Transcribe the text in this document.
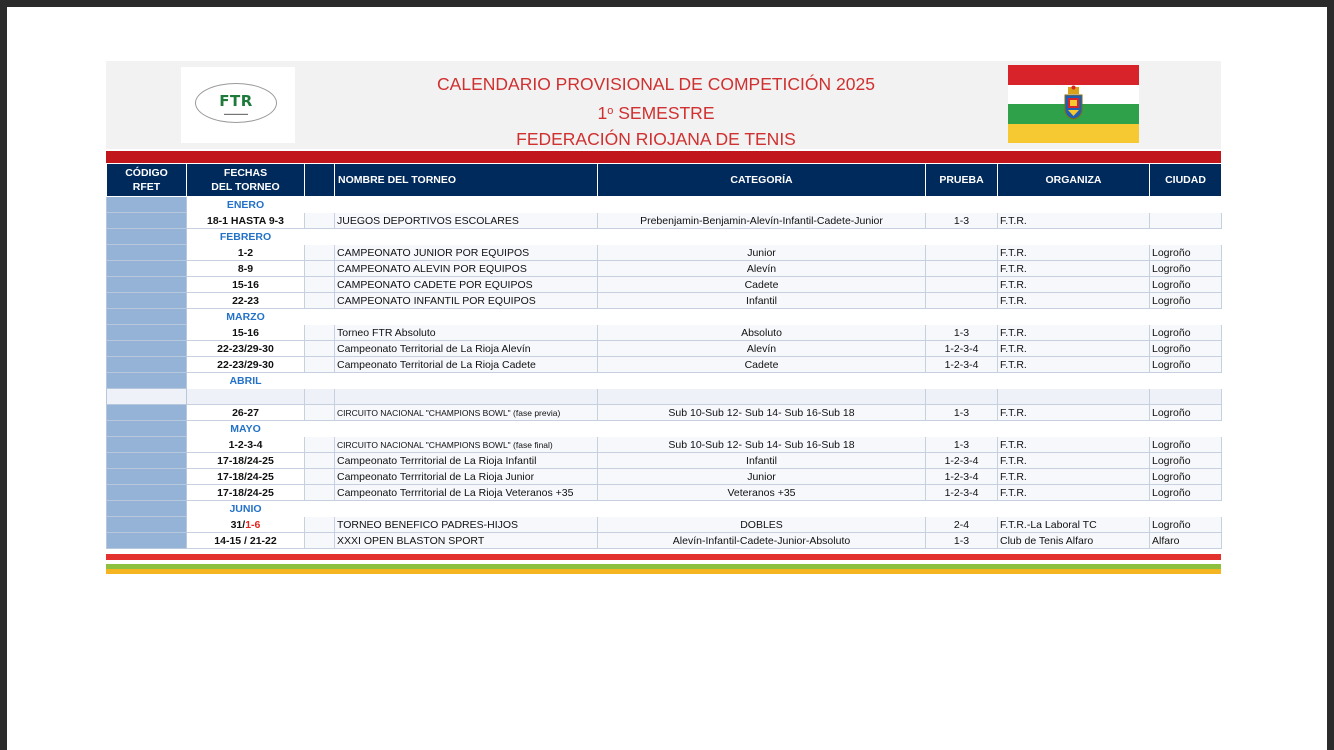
FTR
▬▬▬▬▬▬
CALENDARIO PROVISIONAL DE COMPETICIÓN 2025
1$^o$ SEMESTRE
FEDERACIÓN RIOJANA DE TENIS
CÓDIGO
RFET	FECHAS
DEL TORNEO		NOMBRE DEL TORNEO	CATEGORÍA	PRUEBA	ORGANIZA	CIUDAD
	ENERO						
	18-1 HASTA 9-3		JUEGOS DEPORTIVOS ESCOLARES	Prebenjamin-Benjamin-Alevín-Infantil-Cadete-Junior	1-3	F.T.R.	
	FEBRERO						
	1-2		CAMPEONATO JUNIOR POR EQUIPOS	Junior		F.T.R.	Logroño
	8-9		CAMPEONATO ALEVIN POR EQUIPOS	Alevín		F.T.R.	Logroño
	15-16		CAMPEONATO CADETE POR EQUIPOS	Cadete		F.T.R.	Logroño
	22-23		CAMPEONATO INFANTIL POR EQUIPOS	Infantil		F.T.R.	Logroño
	MARZO						
	15-16		Torneo FTR Absoluto	Absoluto	1-3	F.T.R.	Logroño
	22-23/29-30		Campeonato Territorial de La Rioja Alevín	Alevín	1-2-3-4	F.T.R.	Logroño
	22-23/29-30		Campeonato Territorial de La Rioja Cadete	Cadete	1-2-3-4	F.T.R.	Logroño
	ABRIL						

	26-27		CIRCUITO NACIONAL "CHAMPIONS BOWL" (fase previa)	Sub 10-Sub 12- Sub 14- Sub 16-Sub 18	1-3	F.T.R.	Logroño
	MAYO						
	1-2-3-4		CIRCUITO NACIONAL "CHAMPIONS BOWL" (fase final)	Sub 10-Sub 12- Sub 14- Sub 16-Sub 18	1-3	F.T.R.	Logroño
	17-18/24-25		Campeonato Terrritorial de La Rioja Infantil	Infantil	1-2-3-4	F.T.R.	Logroño
	17-18/24-25		Campeonato Terrritorial de La Rioja Junior	Junior	1-2-3-4	F.T.R.	Logroño
	17-18/24-25		Campeonato Terrritorial de La Rioja Veteranos +35	Veteranos +35	1-2-3-4	F.T.R.	Logroño
	JUNIO						
	31/1-6		TORNEO BENEFICO PADRES-HIJOS	DOBLES	2-4	F.T.R.-La Laboral TC	Logroño
	14-15 / 21-22		XXXI OPEN BLASTON SPORT	Alevín-Infantil-Cadete-Junior-Absoluto	1-3	Club de Tenis Alfaro	Alfaro
